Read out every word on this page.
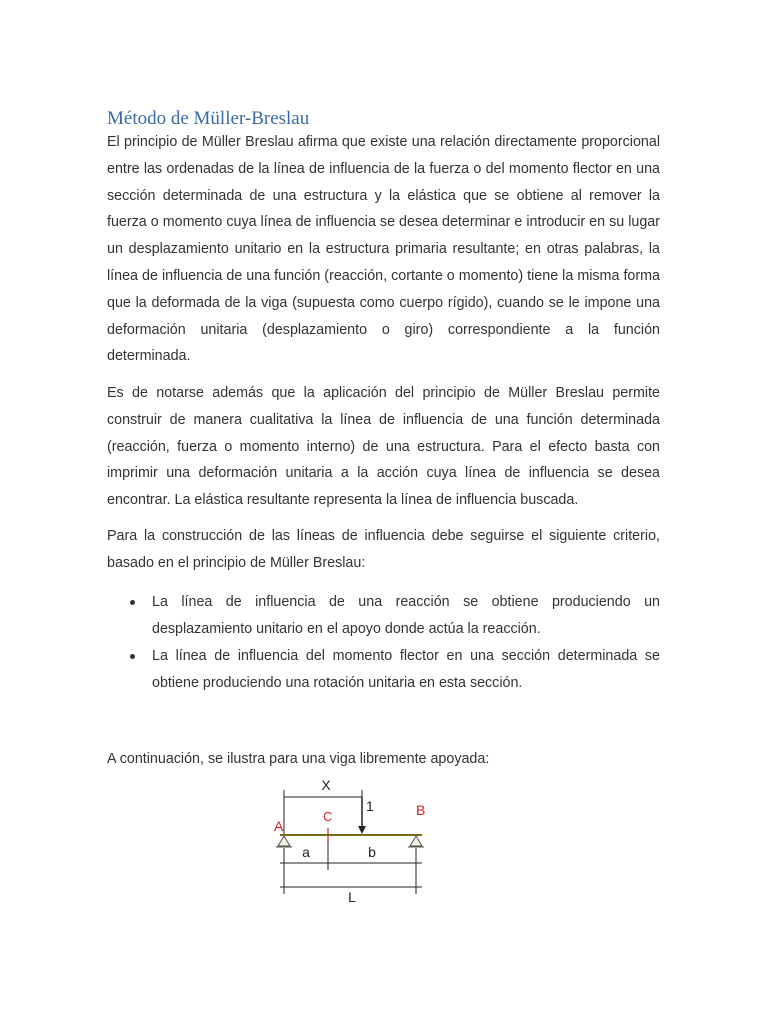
Método de Müller-Breslau

El principio de Müller Breslau afirma que existe una relación directamente proporcional entre las ordenadas de la línea de influencia de la fuerza o del momento flector en una sección determinada de una estructura y la elástica que se obtiene al remover la fuerza o momento cuya línea de influencia se desea determinar e introducir en su lugar un desplazamiento unitario en la estructura primaria resultante; en otras palabras, la línea de influencia de una función (reacción, cortante o momento) tiene la misma forma que la deformada de la viga (supuesta como cuerpo rígido), cuando se le impone una deformación unitaria (desplazamiento o giro) correspondiente a la función determinada.

Es de notarse además que la aplicación del principio de Müller Breslau permite construir de manera cualitativa la línea de influencia de una función determinada (reacción, fuerza o momento interno) de una estructura. Para el efecto basta con imprimir una deformación unitaria a la acción cuya línea de influencia se desea encontrar. La elástica resultante representa la línea de influencia buscada.

Para la construcción de las líneas de influencia debe seguirse el siguiente criterio, basado en el principio de Müller Breslau:

La línea de influencia de una reacción se obtiene produciendo un desplazamiento unitario en el apoyo donde actúa la reacción.
La línea de influencia del momento flector en una sección determinada se obtiene produciendo una rotación unitaria en esta sección.

A continuación, se ilustra para una viga libremente apoyada:

X
1
A
B
C
a	b
L
